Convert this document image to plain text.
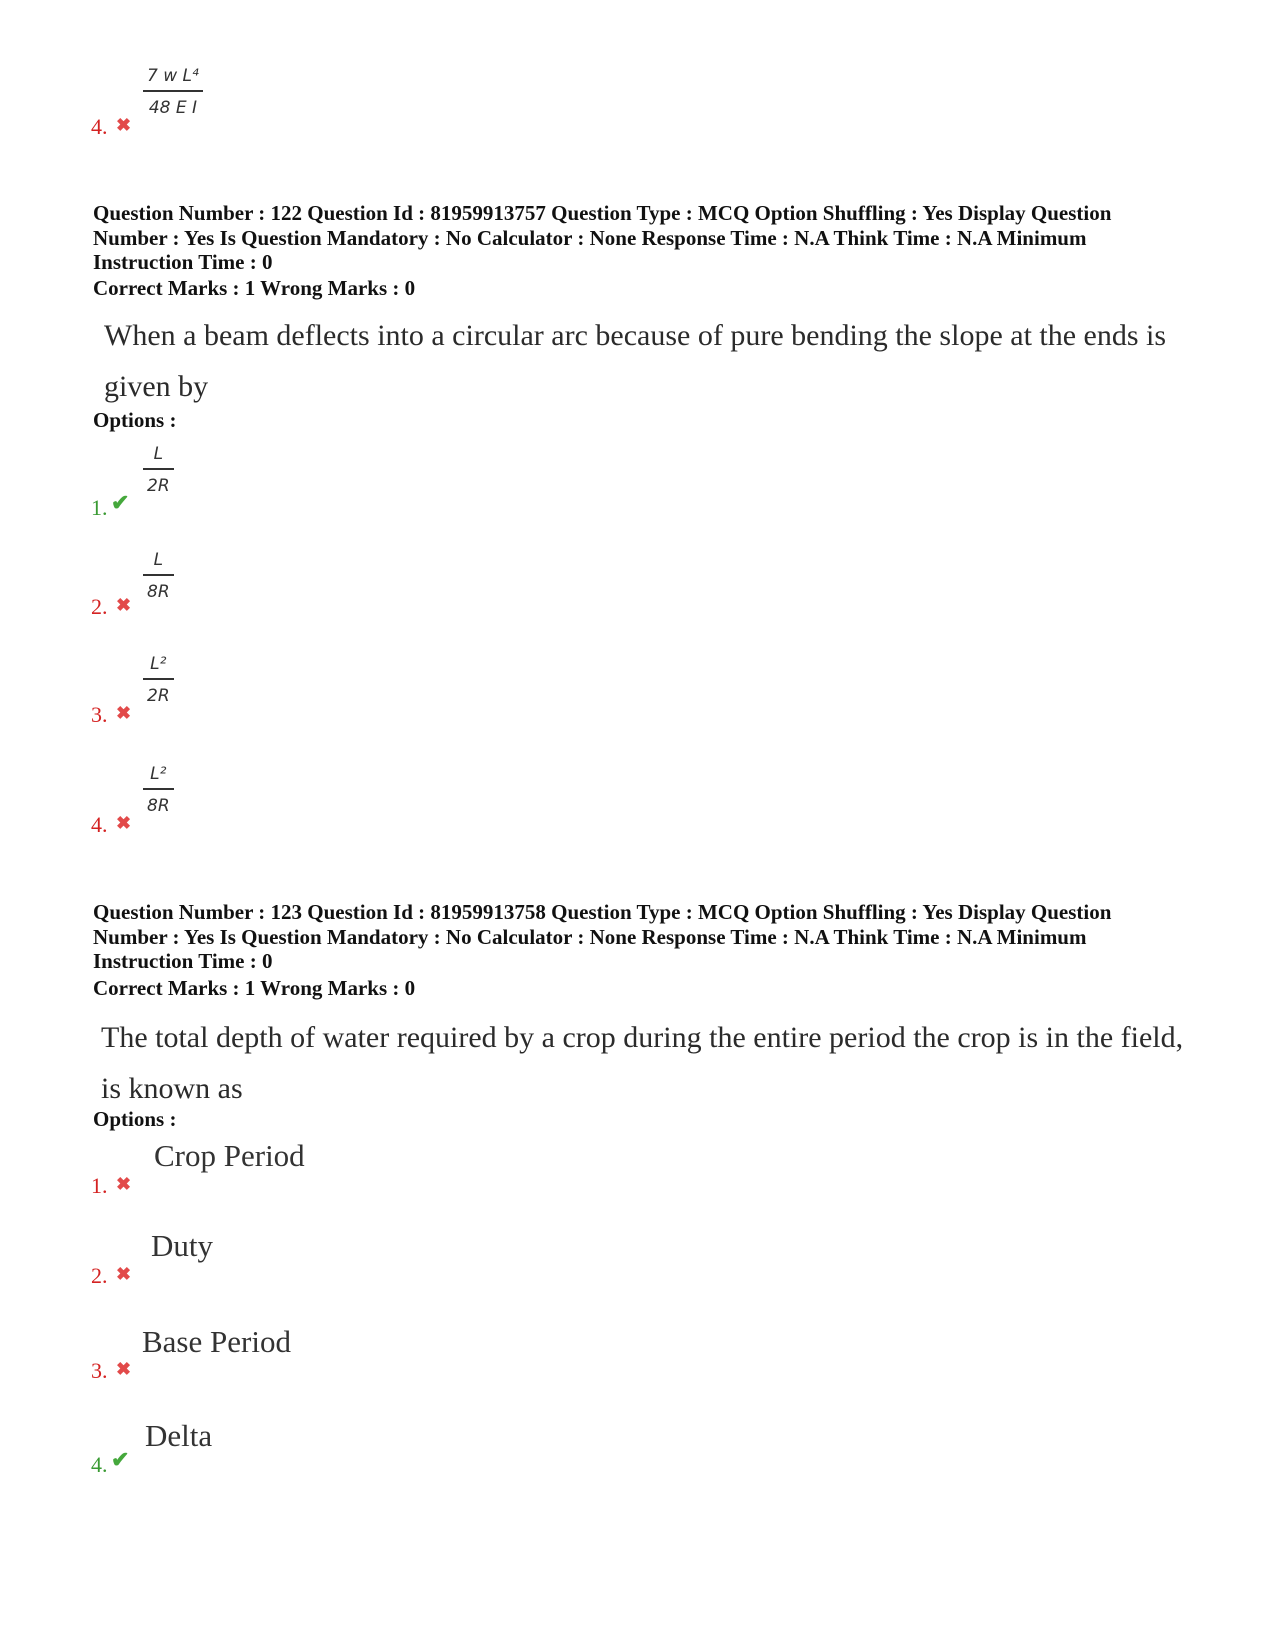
7 w L⁴
48 E I
4. ✖
Question Number : 122 Question Id : 81959913757 Question Type : MCQ Option Shuffling : Yes Display Question Number : Yes Is Question Mandatory : No Calculator : None Response Time : N.A Think Time : N.A Minimum Instruction Time : 0
Correct Marks : 1 Wrong Marks : 0
When a beam deflects into a circular arc because of pure bending the slope at the ends is
given by
Options :
L
2R
1. ✔
L
8R
2. ✖
L²
2R
3. ✖
L²
8R
4. ✖
Question Number : 123 Question Id : 81959913758 Question Type : MCQ Option Shuffling : Yes Display Question Number : Yes Is Question Mandatory : No Calculator : None Response Time : N.A Think Time : N.A Minimum Instruction Time : 0
Correct Marks : 1 Wrong Marks : 0
The total depth of water required by a crop during the entire period the crop is in the field,
is known as
Options :
Crop Period
1. ✖
Duty
2. ✖
Base Period
3. ✖
Delta
4. ✔
